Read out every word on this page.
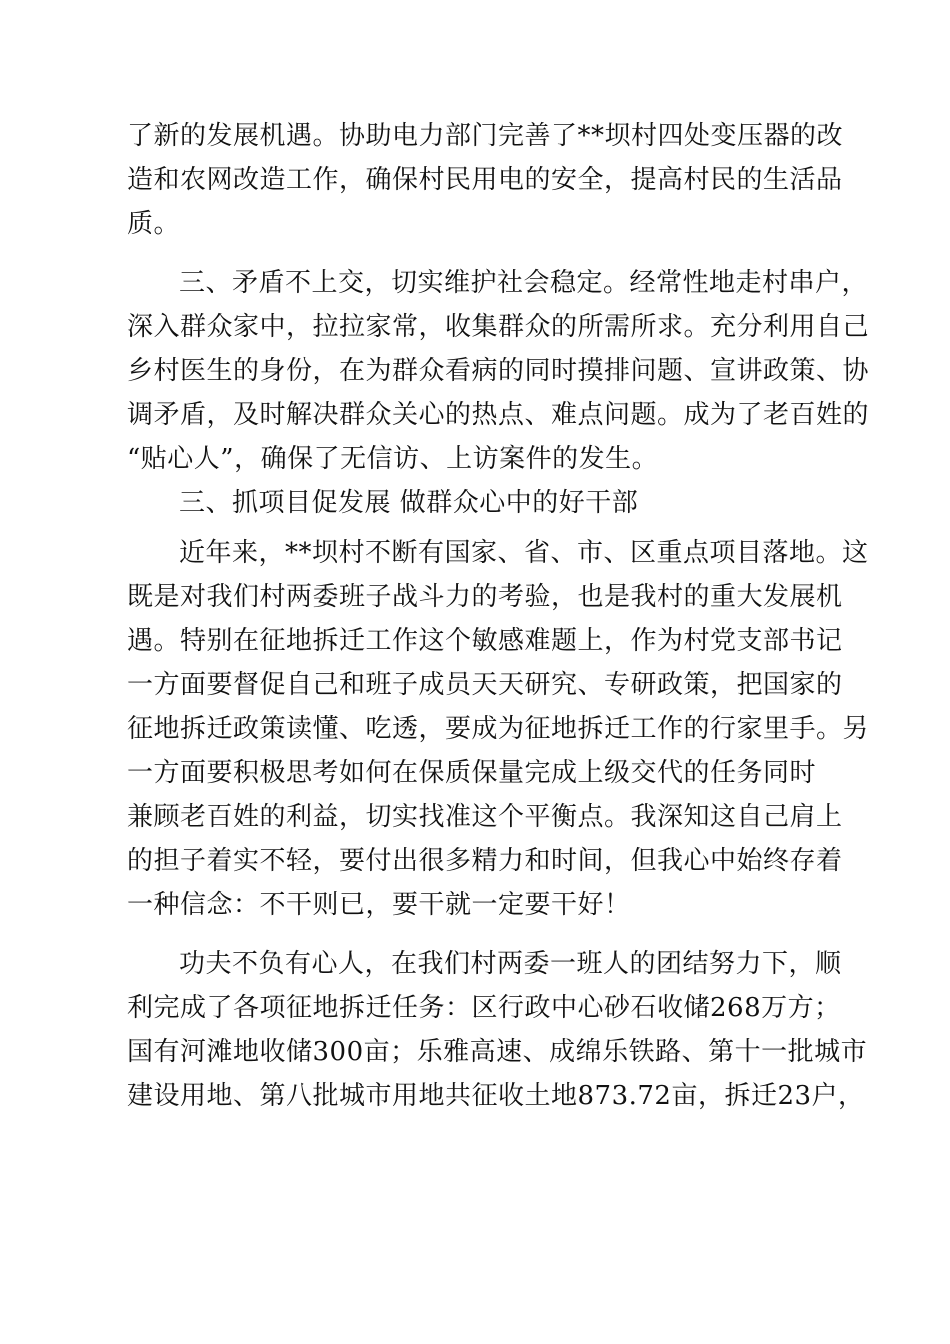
了新的发展机遇。协助电力部门完善了**坝村四处变压器的改
造和农网改造工作，确保村民用电的安全，提高村民的生活品
质。
三、矛盾不上交，切实维护社会稳定。经常性地走村串户，
深入群众家中，拉拉家常，收集群众的所需所求。充分利用自己
乡村医生的身份，在为群众看病的同时摸排问题、宣讲政策、协
调矛盾，及时解决群众关心的热点、难点问题。成为了老百姓的
“贴心人”，确保了无信访、上访案件的发生。
三、抓项目促发展 做群众心中的好干部
近年来，**坝村不断有国家、省、市、区重点项目落地。这
既是对我们村两委班子战斗力的考验，也是我村的重大发展机
遇。特别在征地拆迁工作这个敏感难题上，作为村党支部书记
一方面要督促自己和班子成员天天研究、专研政策，把国家的
征地拆迁政策读懂、吃透，要成为征地拆迁工作的行家里手。另
一方面要积极思考如何在保质保量完成上级交代的任务同时
兼顾老百姓的利益，切实找准这个平衡点。我深知这自己肩上
的担子着实不轻，要付出很多精力和时间，但我心中始终存着
一种信念：不干则已，要干就一定要干好！
功夫不负有心人，在我们村两委一班人的团结努力下，顺
利完成了各项征地拆迁任务：区行政中心砂石收储268万方；
国有河滩地收储300亩；乐雅高速、成绵乐铁路、第十一批城市
建设用地、第八批城市用地共征收土地873.72亩，拆迁23户，
